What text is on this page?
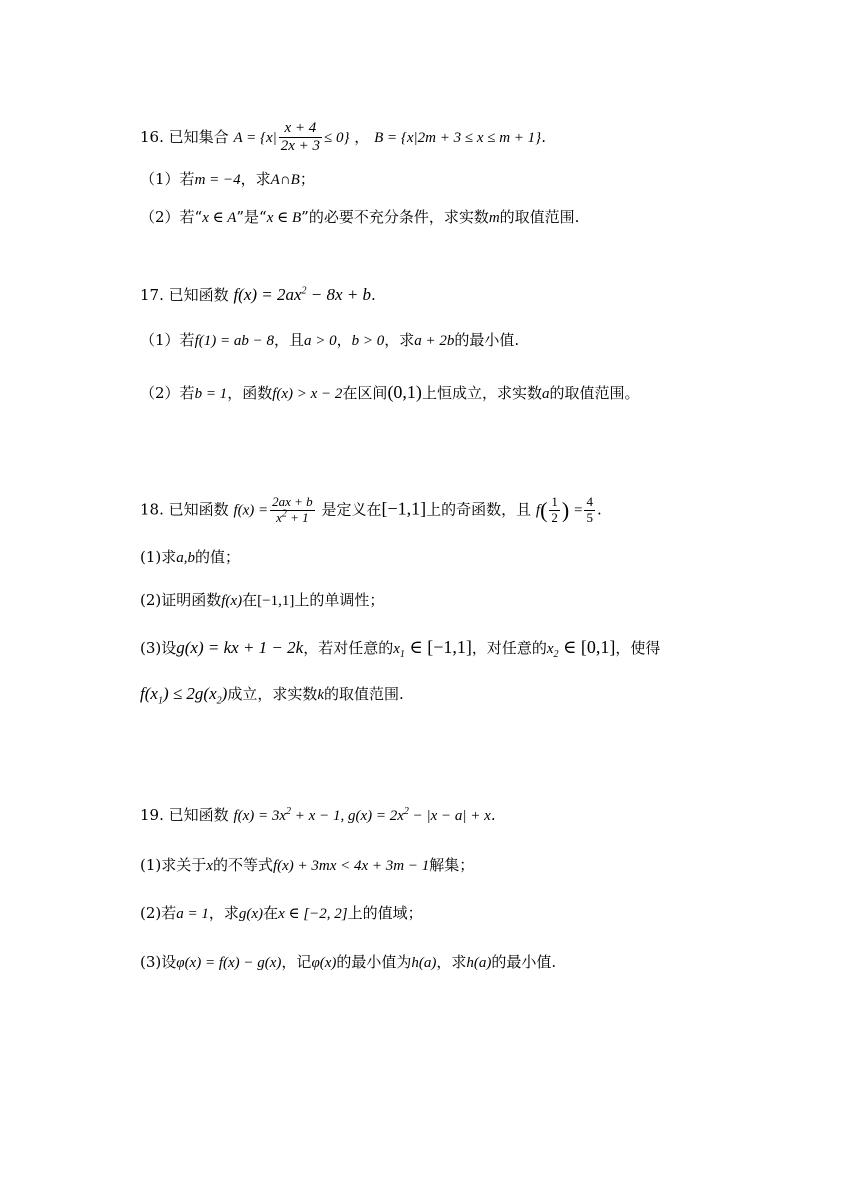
16. 已知集合 $A = \{x| \frac{x + 4}{2x + 3} \le 0\}$ ， B = {x|2m + 3 ≤ x ≤ m + 1}.
（1）若m = −4，求A∩B；
（2）若“x ∈ A”是“x ∈ B”的必要不充分条件，求实数m的取值范围.
17. 已知函数 $f(x) = 2ax^2 - 8x + b$.
（1）若f(1) = ab − 8，且a > 0，b > 0，求a + 2b的最小值.
（2）若b = 1，函数f(x) > x − 2在区间(0,1)上恒成立，求实数a的取值范围。
18. 已知函数 $f(x) = \frac{2ax + b}{x^2 + 1}$ 是定义在[−1,1]上的奇函数，且 $f( \frac{1}{2}$ ) = $\frac{4}{5}$ .
(1)求a,b的值；
(2)证明函数f(x)在[−1,1]上的单调性；
(3)设g(x) = kx + 1 − 2k，若对任意的$x_1$ ∈ [−1,1]，对任意的$x_2$ ∈ [0,1]，使得
$f(x_1) \le 2g(x_2)$成立，求实数k的取值范围.
19. 已知函数 $f(x) = 3x^2 + x - 1$, $g(x) = 2x^2 - |x - a| + x$.
(1)求关于x的不等式f(x) + 3mx < 4x + 3m − 1解集；
(2)若a = 1，求g(x)在x ∈ [−2, 2]上的值域；
(3)设φ(x) = f(x) − g(x)，记φ(x)的最小值为h(a)，求h(a)的最小值.
